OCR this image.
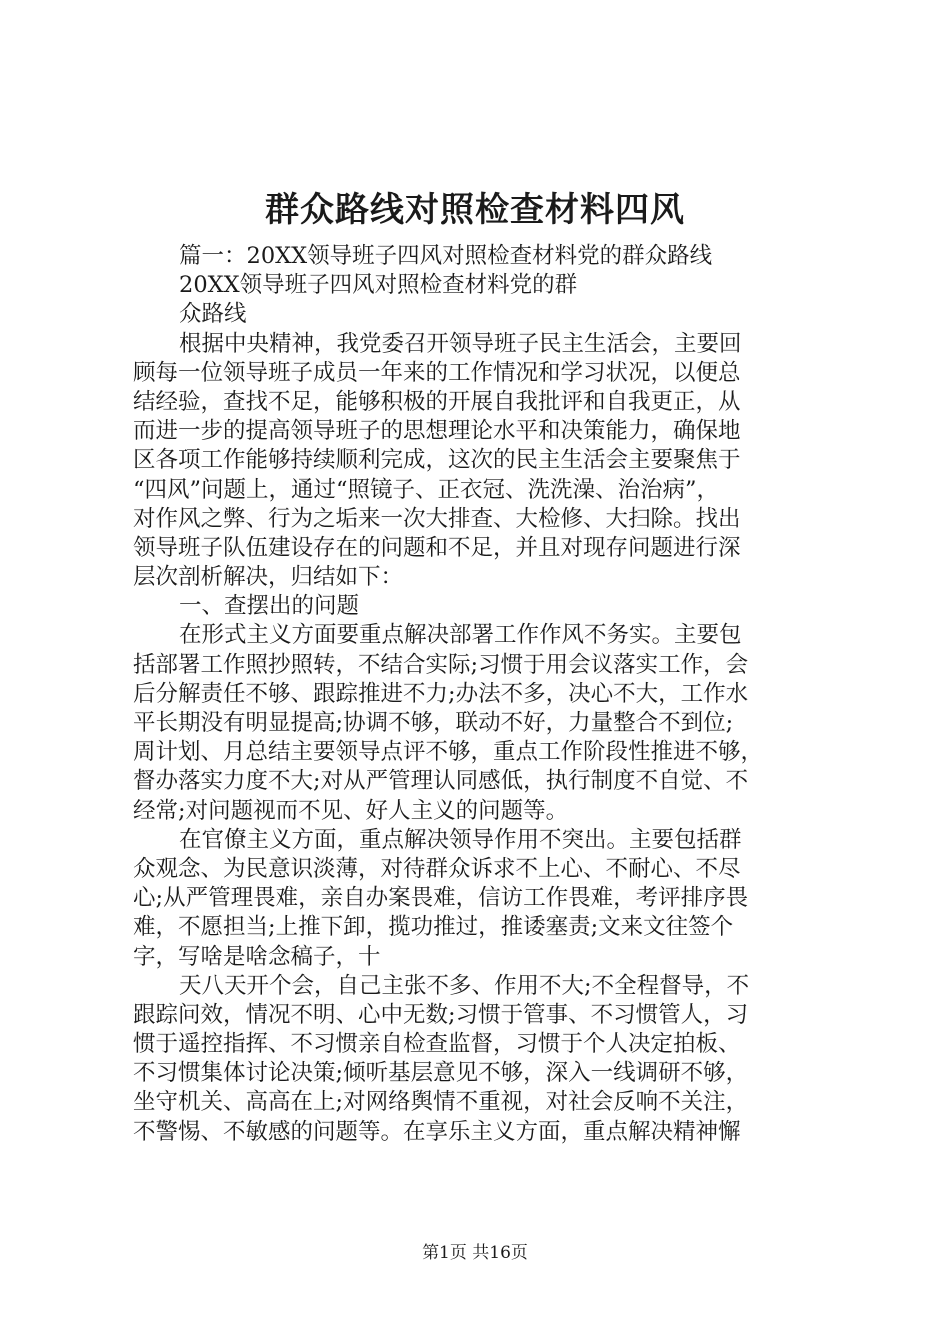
群众路线对照检查材料四风

篇一：20XX领导班子四风对照检查材料党的群众路线

20XX领导班子四风对照检查材料党的群

众路线

根据中央精神，我党委召开领导班子民主生活会，主要回

顾每一位领导班子成员一年来的工作情况和学习状况，以便总

结经验，查找不足，能够积极的开展自我批评和自我更正，从

而进一步的提高领导班子的思想理论水平和决策能力，确保地

区各项工作能够持续顺利完成，这次的民主生活会主要聚焦于

“四风”问题上，通过“照镜子、正衣冠、洗洗澡、治治病”，

对作风之弊、行为之垢来一次大排查、大检修、大扫除。找出

领导班子队伍建设存在的问题和不足，并且对现存问题进行深

层次剖析解决，归结如下：

一、查摆出的问题

在形式主义方面要重点解决部署工作作风不务实。主要包

括部署工作照抄照转，不结合实际;习惯于用会议落实工作，会

后分解责任不够、跟踪推进不力;办法不多，决心不大，工作水

平长期没有明显提高;协调不够，联动不好，力量整合不到位;

周计划、月总结主要领导点评不够，重点工作阶段性推进不够，

督办落实力度不大;对从严管理认同感低，执行制度不自觉、不

经常;对问题视而不见、好人主义的问题等。

在官僚主义方面，重点解决领导作用不突出。主要包括群

众观念、为民意识淡薄，对待群众诉求不上心、不耐心、不尽

心;从严管理畏难，亲自办案畏难，信访工作畏难，考评排序畏

难，不愿担当;上推下卸，揽功推过，推诿塞责;文来文往签个

字，写啥是啥念稿子，十

天八天开个会，自己主张不多、作用不大;不全程督导，不

跟踪问效，情况不明、心中无数;习惯于管事、不习惯管人，习

惯于遥控指挥、不习惯亲自检查监督，习惯于个人决定拍板、

不习惯集体讨论决策;倾听基层意见不够，深入一线调研不够，

坐守机关、高高在上;对网络舆情不重视，对社会反响不关注，

不警惕、不敏感的问题等。在享乐主义方面，重点解决精神懈

第1页 共16页
